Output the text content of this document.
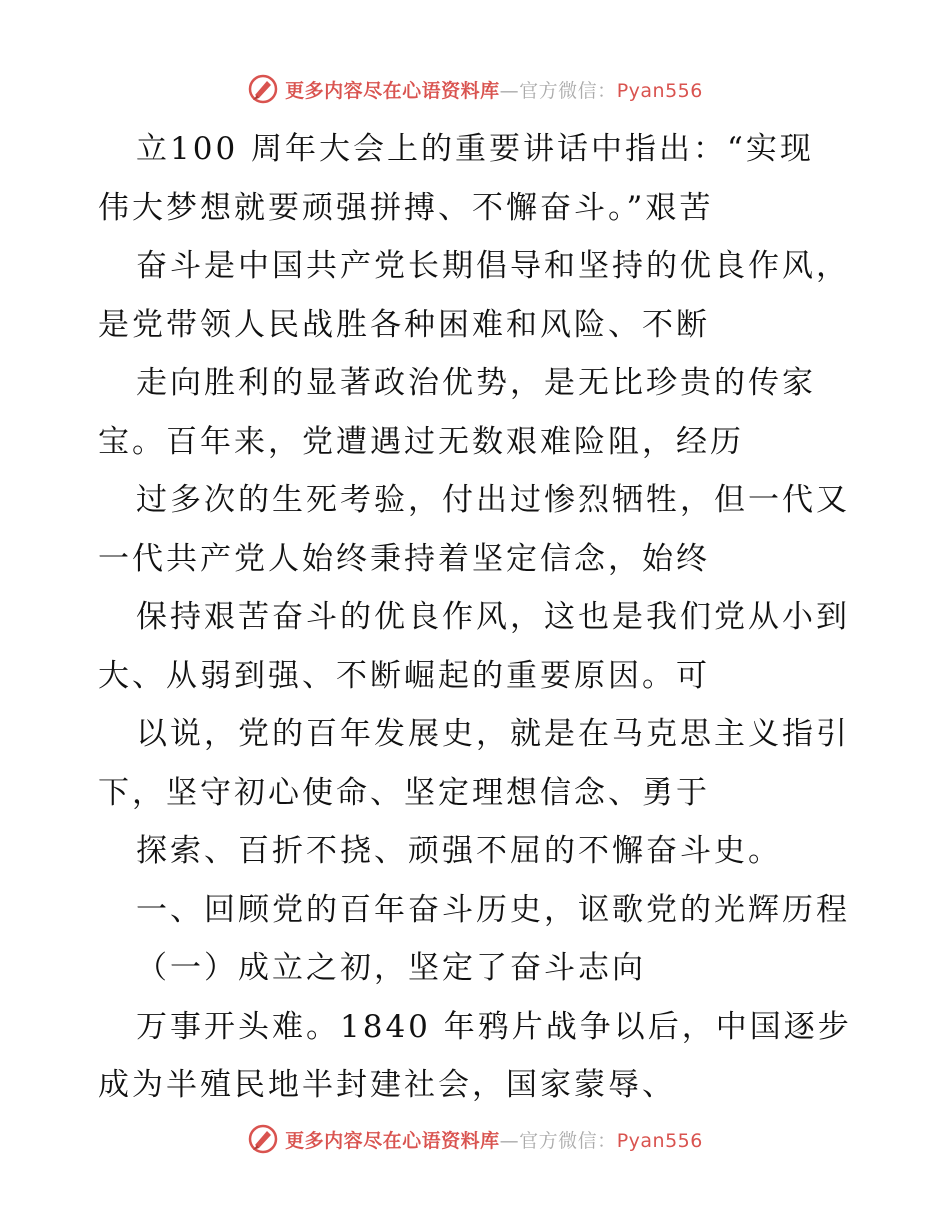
更多内容尽在心语资料库—官方微信：Pyan556
立100 周年大会上的重要讲话中指出：“实现
伟大梦想就要顽强拼搏、不懈奋斗。”艰苦
奋斗是中国共产党长期倡导和坚持的优良作风，
是党带领人民战胜各种困难和风险、不断
走向胜利的显著政治优势，是无比珍贵的传家
宝。百年来，党遭遇过无数艰难险阻，经历
过多次的生死考验，付出过惨烈牺牲，但一代又
一代共产党人始终秉持着坚定信念，始终
保持艰苦奋斗的优良作风，这也是我们党从小到
大、从弱到强、不断崛起的重要原因。可
以说，党的百年发展史，就是在马克思主义指引
下，坚守初心使命、坚定理想信念、勇于
探索、百折不挠、顽强不屈的不懈奋斗史。
一、回顾党的百年奋斗历史，讴歌党的光辉历程
（一）成立之初，坚定了奋斗志向
万事开头难。1840 年鸦片战争以后，中国逐步
成为半殖民地半封建社会，国家蒙辱、
更多内容尽在心语资料库—官方微信：Pyan556
